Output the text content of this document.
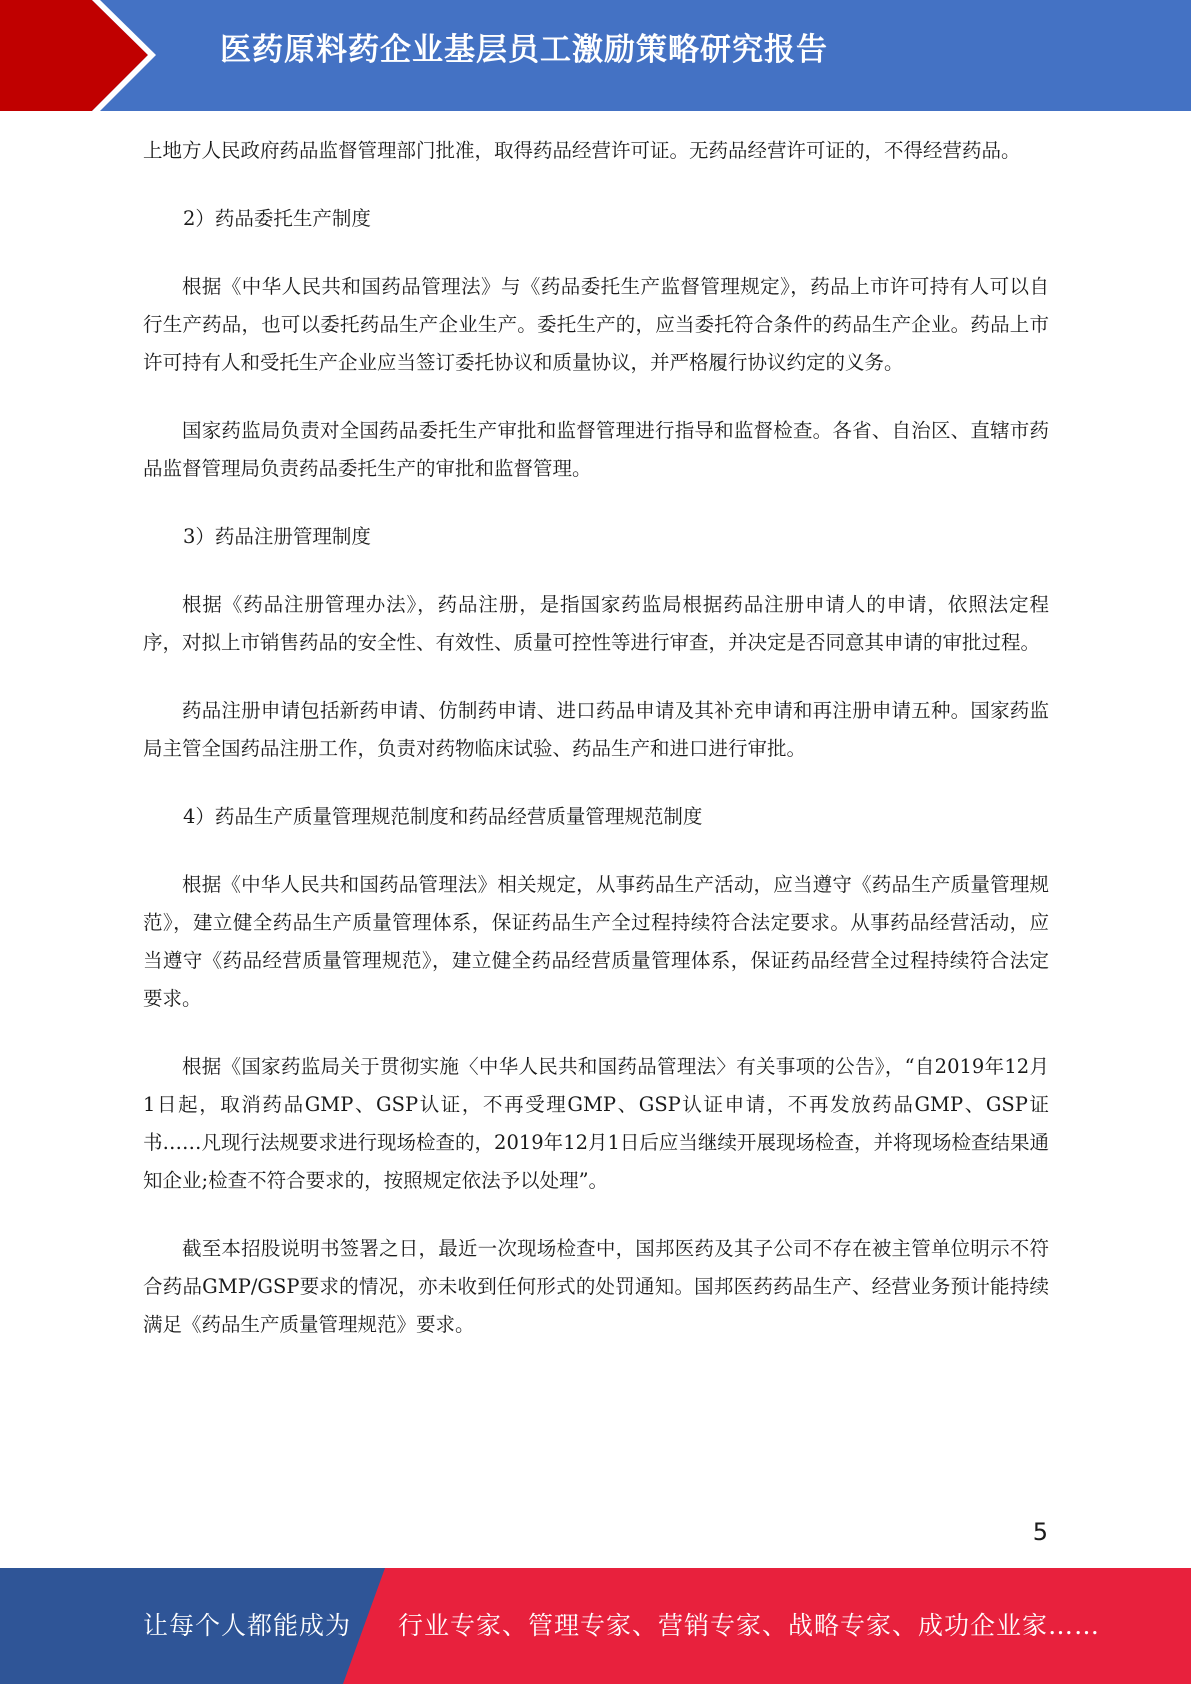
医药原料药企业基层员工激励策略研究报告

上地方人民政府药品监督管理部门批准，取得药品经营许可证。无药品经营许可证的，不得经营药品。

2）药品委托生产制度

根据《中华人民共和国药品管理法》与《药品委托生产监督管理规定》，药品上市许可持有人可以自行生产药品，也可以委托药品生产企业生产。委托生产的，应当委托符合条件的药品生产企业。药品上市许可持有人和受托生产企业应当签订委托协议和质量协议，并严格履行协议约定的义务。

国家药监局负责对全国药品委托生产审批和监督管理进行指导和监督检查。各省、自治区、直辖市药品监督管理局负责药品委托生产的审批和监督管理。

3）药品注册管理制度

根据《药品注册管理办法》，药品注册，是指国家药监局根据药品注册申请人的申请，依照法定程序，对拟上市销售药品的安全性、有效性、质量可控性等进行审查，并决定是否同意其申请的审批过程。

药品注册申请包括新药申请、仿制药申请、进口药品申请及其补充申请和再注册申请五种。国家药监局主管全国药品注册工作，负责对药物临床试验、药品生产和进口进行审批。

4）药品生产质量管理规范制度和药品经营质量管理规范制度

根据《中华人民共和国药品管理法》相关规定，从事药品生产活动，应当遵守《药品生产质量管理规范》，建立健全药品生产质量管理体系，保证药品生产全过程持续符合法定要求。从事药品经营活动，应当遵守《药品经营质量管理规范》，建立健全药品经营质量管理体系，保证药品经营全过程持续符合法定要求。

根据《国家药监局关于贯彻实施〈中华人民共和国药品管理法〉有关事项的公告》，“自2019年12月1日起，取消药品GMP、GSP认证，不再受理GMP、GSP认证申请，不再发放药品GMP、GSP证书……凡现行法规要求进行现场检查的，2019年12月1日后应当继续开展现场检查，并将现场检查结果通知企业;检查不符合要求的，按照规定依法予以处理”。

截至本招股说明书签署之日，最近一次现场检查中，国邦医药及其子公司不存在被主管单位明示不符合药品GMP/GSP要求的情况，亦未收到任何形式的处罚通知。国邦医药药品生产、经营业务预计能持续满足《药品生产质量管理规范》要求。

5
让每个人都能成为 行业专家、管理专家、营销专家、战略专家、成功企业家……
